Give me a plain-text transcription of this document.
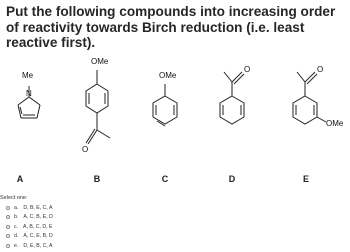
Put the following compounds into increasing order of reactivity towards Birch reduction (i.e. least reactive first).
Me
N
OMe
O
OMe
O	O
OMe
A	B	C	D	E
Select one:
a. D, B, E, C, A
b. A, C, B, E, D
c. A, B, C, D, E
d. A, C, E, B, D
e. D, E, B, C, A
